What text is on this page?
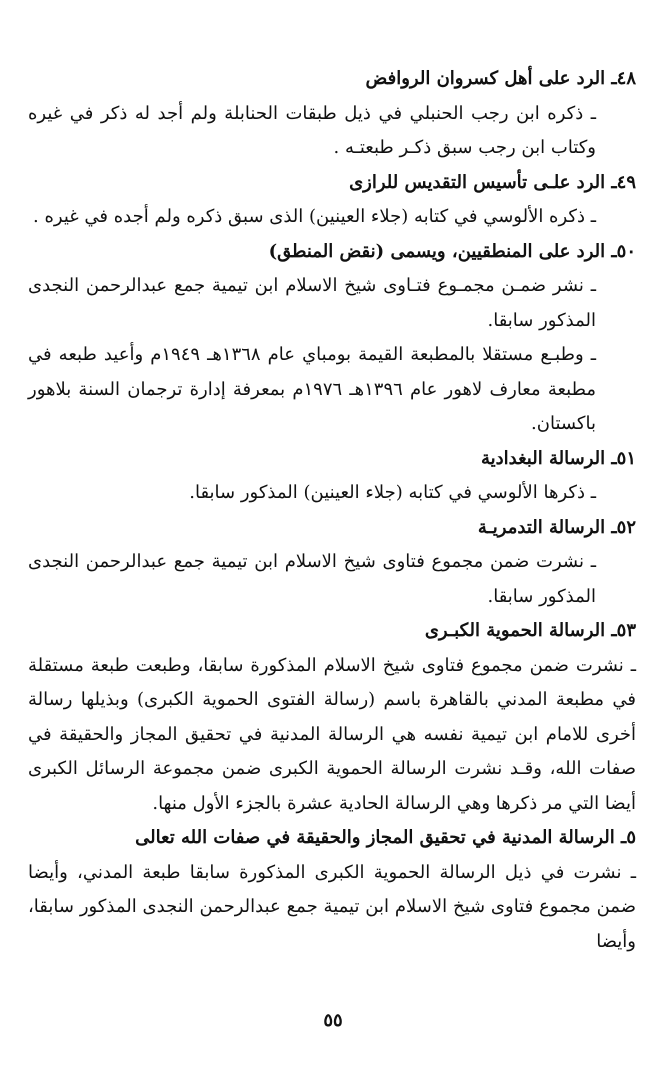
٤٨ـ الرد على أهل كسروان الروافض

ـ ذكره ابن رجب الحنبلي في ذيل طبقات الحنابلة ولم أجد له ذكر في غيره وكتاب ابن رجب سبق ذكـر طبعتـه .

٤٩ـ الرد علـى تأسيس التقديس للرازى

ـ ذكره الألوسي في كتابه (جلاء العينين) الذى سبق ذكره ولم أجده في غيره .

٥٠ـ الرد على المنطقيين، ويسمى (نقض المنطق)

ـ نشر ضمـن مجمـوع فتـاوى شيخ الاسلام ابن تيمية جمع عبدالرحمن النجدى المذكور سابقا.

ـ وطبـع مستقلا بالمطبعة القيمة بومباي عام ١٣٦٨هـ ١٩٤٩م وأعيد طبعه في مطبعة معارف لاهور عام ١٣٩٦هـ ١٩٧٦م بمعرفة إدارة ترجمان السنة بلاهور باكستان.

٥١ـ الرسالة البغدادية

ـ ذكرها الألوسي في كتابه (جلاء العينين) المذكور سابقا.

٥٢ـ الرسالة التدمريـة

ـ نشرت ضمن مجموع فتاوى شيخ الاسلام ابن تيمية جمع عبدالرحمن النجدى المذكور سابقا.

٥٣ـ الرسالة الحموية الكبـرى

ـ نشرت ضمن مجموع فتاوى شيخ الاسلام المذكورة سابقا، وطبعت طبعة مستقلة في مطبعة المدني بالقاهرة باسم (رسالة الفتوى الحموية الكبرى) وبذيلها رسالة أخرى للامام ابن تيمية نفسه هي الرسالة المدنية في تحقيق المجاز والحقيقة في صفات الله، وقـد نشرت الرسالة الحموية الكبرى ضمن مجموعة الرسائل الكبرى أيضا التي مر ذكرها وهي الرسالة الحادية عشرة بالجزء الأول منها.

٥ـ الرسالة المدنية في تحقيق المجاز والحقيقة في صفات الله تعالى

ـ نشرت في ذيل الرسالة الحموية الكبرى المذكورة سابقا طبعة المدني، وأيضا ضمن مجموع فتاوى شيخ الاسلام ابن تيمية جمع عبدالرحمن النجدى المذكور سابقا، وأيضا

٥٥
